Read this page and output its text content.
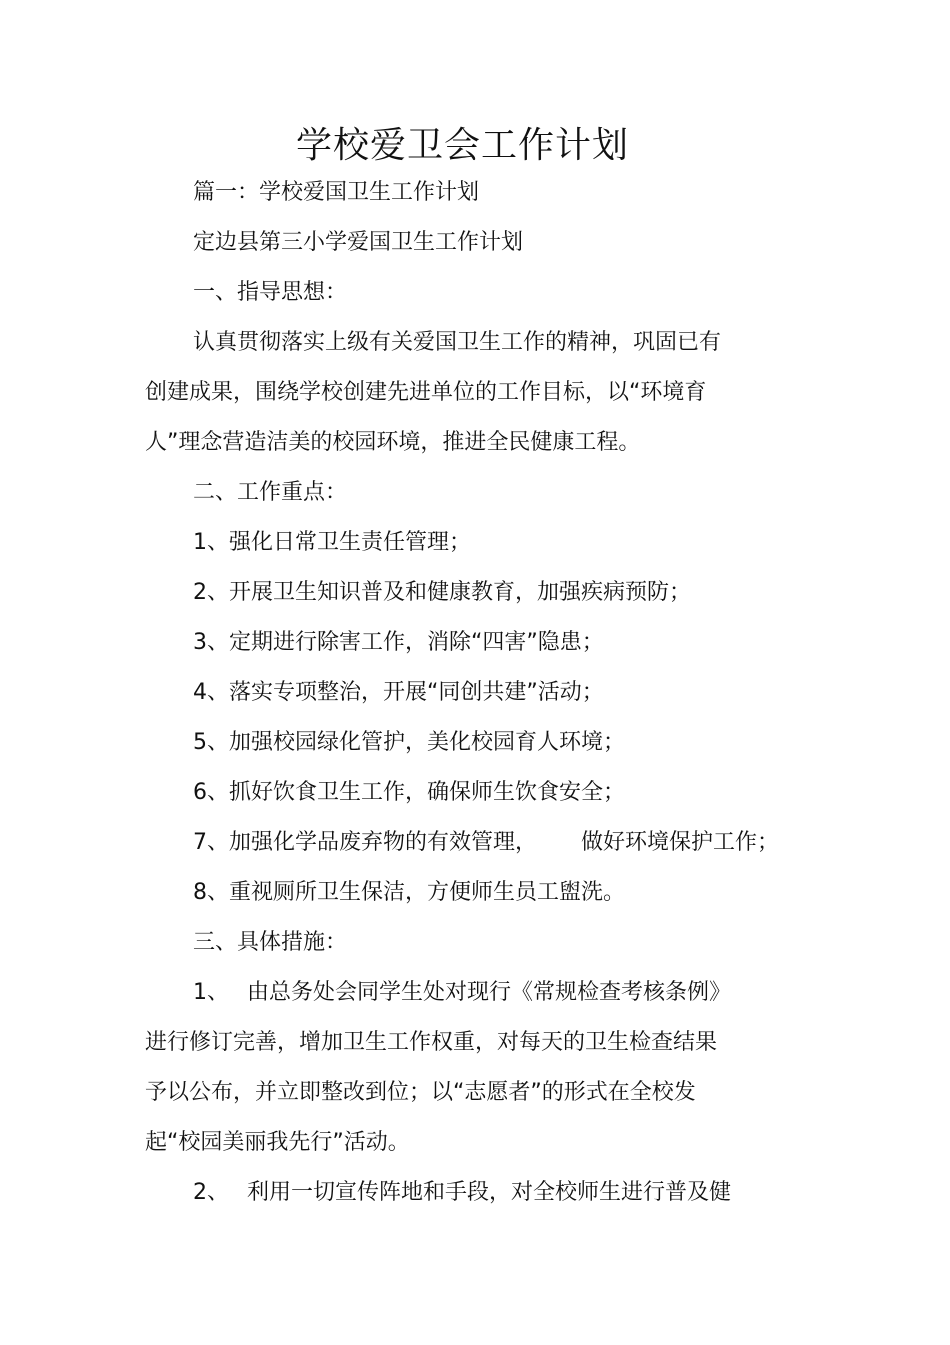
学校爱卫会工作计划
篇一：学校爱国卫生工作计划
定边县第三小学爱国卫生工作计划
一、指导思想：
认真贯彻落实上级有关爱国卫生工作的精神，巩固已有
创建成果，围绕学校创建先进单位的工作目标，以“环境育
人”理念营造洁美的校园环境，推进全民健康工程。
二、工作重点：
1、强化日常卫生责任管理；
2、开展卫生知识普及和健康教育，加强疾病预防；
3、定期进行除害工作，消除“四害”隐患；
4、落实专项整治，开展“同创共建”活动；
5、加强校园绿化管护，美化校园育人环境；
6、抓好饮食卫生工作，确保师生饮食安全；
7、加强化学品废弃物的有效管理， 做好环境保护工作；
8、重视厕所卫生保洁，方便师生员工盥洗。
三、具体措施：
1、 由总务处会同学生处对现行《常规检查考核条例》
进行修订完善，增加卫生工作权重，对每天的卫生检查结果
予以公布，并立即整改到位；以“志愿者”的形式在全校发
起“校园美丽我先行”活动。
2、 利用一切宣传阵地和手段，对全校师生进行普及健
